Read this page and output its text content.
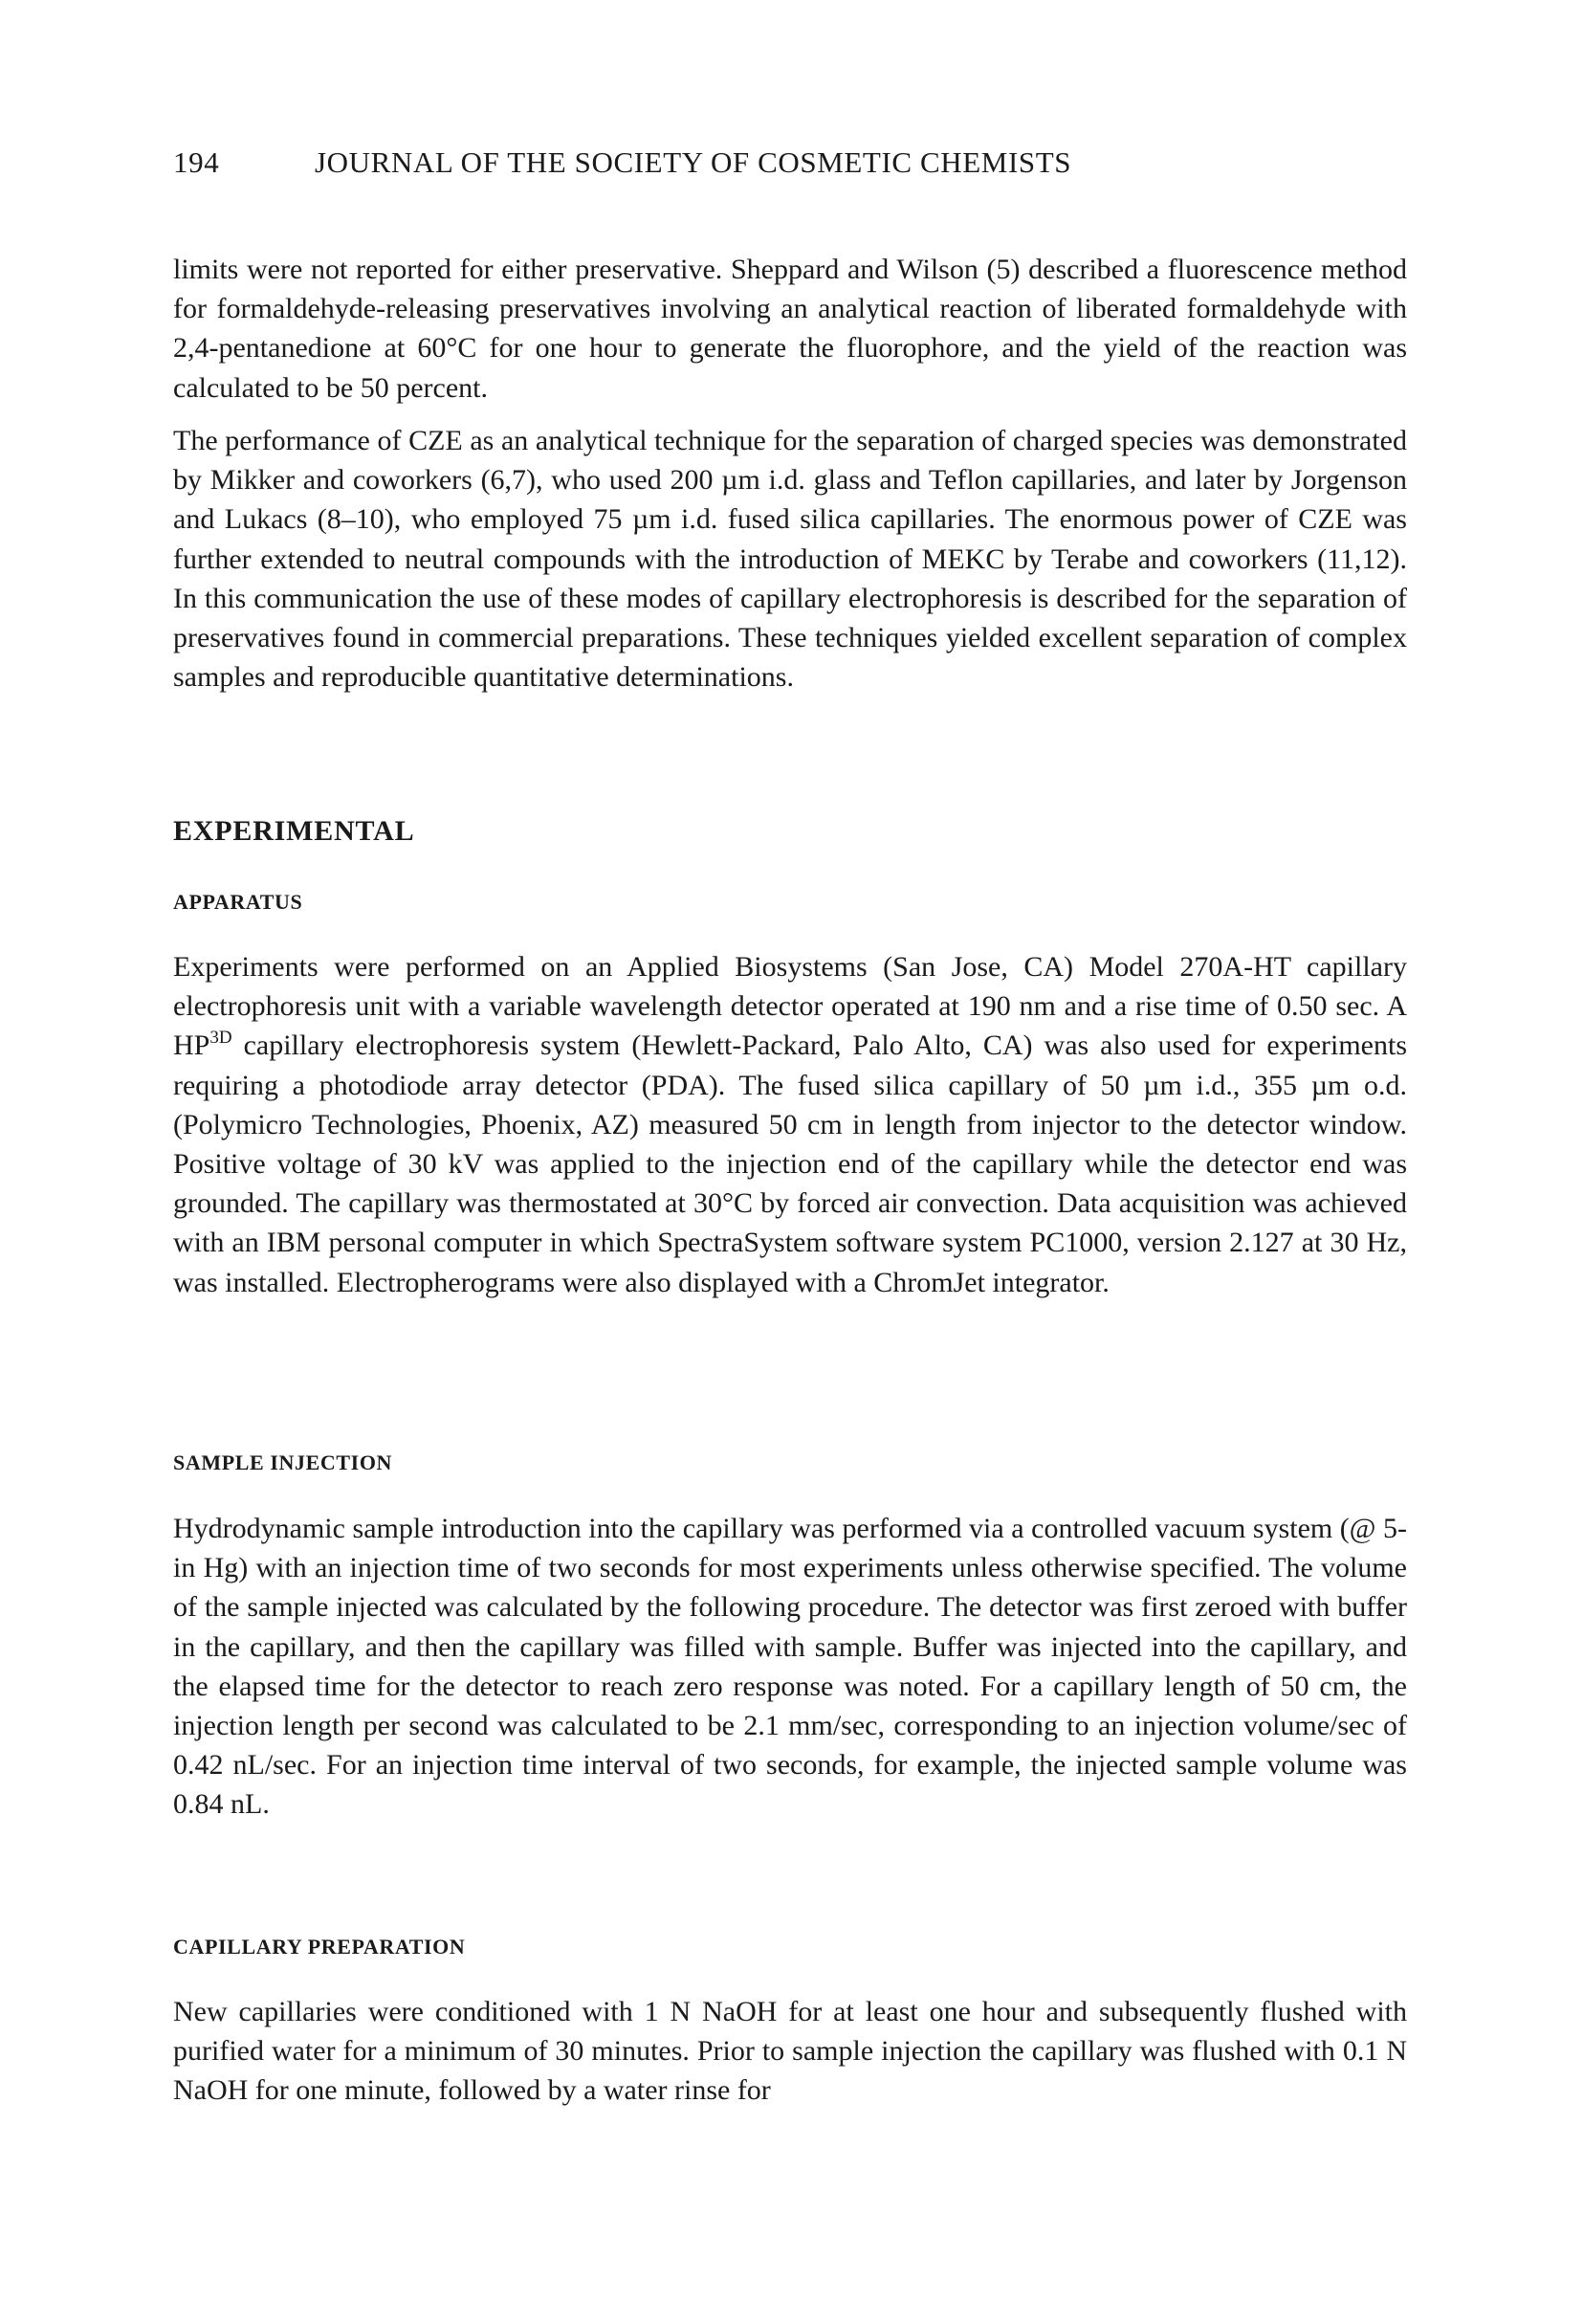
194	JOURNAL OF THE SOCIETY OF COSMETIC CHEMISTS

limits were not reported for either preservative. Sheppard and Wilson (5) described a fluorescence method for formaldehyde-releasing preservatives involving an analytical reaction of liberated formaldehyde with 2,4-pentanedione at 60°C for one hour to generate the fluorophore, and the yield of the reaction was calculated to be 50 percent.

The performance of CZE as an analytical technique for the separation of charged species was demonstrated by Mikker and coworkers (6,7), who used 200 µm i.d. glass and Teflon capillaries, and later by Jorgenson and Lukacs (8–10), who employed 75 µm i.d. fused silica capillaries. The enormous power of CZE was further extended to neutral compounds with the introduction of MEKC by Terabe and coworkers (11,12). In this communication the use of these modes of capillary electrophoresis is described for the separation of preservatives found in commercial preparations. These techniques yielded excellent separation of complex samples and reproducible quantitative determinations.

EXPERIMENTAL
APPARATUS

Experiments were performed on an Applied Biosystems (San Jose, CA) Model 270A-HT capillary electrophoresis unit with a variable wavelength detector operated at 190 nm and a rise time of 0.50 sec. A $HP^{3D}$ capillary electrophoresis system (Hewlett-Packard, Palo Alto, CA) was also used for experiments requiring a photodiode array detector (PDA). The fused silica capillary of 50 µm i.d., 355 µm o.d. (Polymicro Technologies, Phoenix, AZ) measured 50 cm in length from injector to the detector window. Positive voltage of 30 kV was applied to the injection end of the capillary while the detector end was grounded. The capillary was thermostated at 30°C by forced air convection. Data acquisition was achieved with an IBM personal computer in which SpectraSystem software system PC1000, version 2.127 at 30 Hz, was installed. Electropherograms were also displayed with a ChromJet integrator.

SAMPLE INJECTION

Hydrodynamic sample introduction into the capillary was performed via a controlled vacuum system (@ 5-in Hg) with an injection time of two seconds for most experiments unless otherwise specified. The volume of the sample injected was calculated by the following procedure. The detector was first zeroed with buffer in the capillary, and then the capillary was filled with sample. Buffer was injected into the capillary, and the elapsed time for the detector to reach zero response was noted. For a capillary length of 50 cm, the injection length per second was calculated to be 2.1 mm/sec, corresponding to an injection volume/sec of 0.42 nL/sec. For an injection time interval of two seconds, for example, the injected sample volume was 0.84 nL.

CAPILLARY PREPARATION

New capillaries were conditioned with 1 N NaOH for at least one hour and subsequently flushed with purified water for a minimum of 30 minutes. Prior to sample injection the capillary was flushed with 0.1 N NaOH for one minute, followed by a water rinse for
